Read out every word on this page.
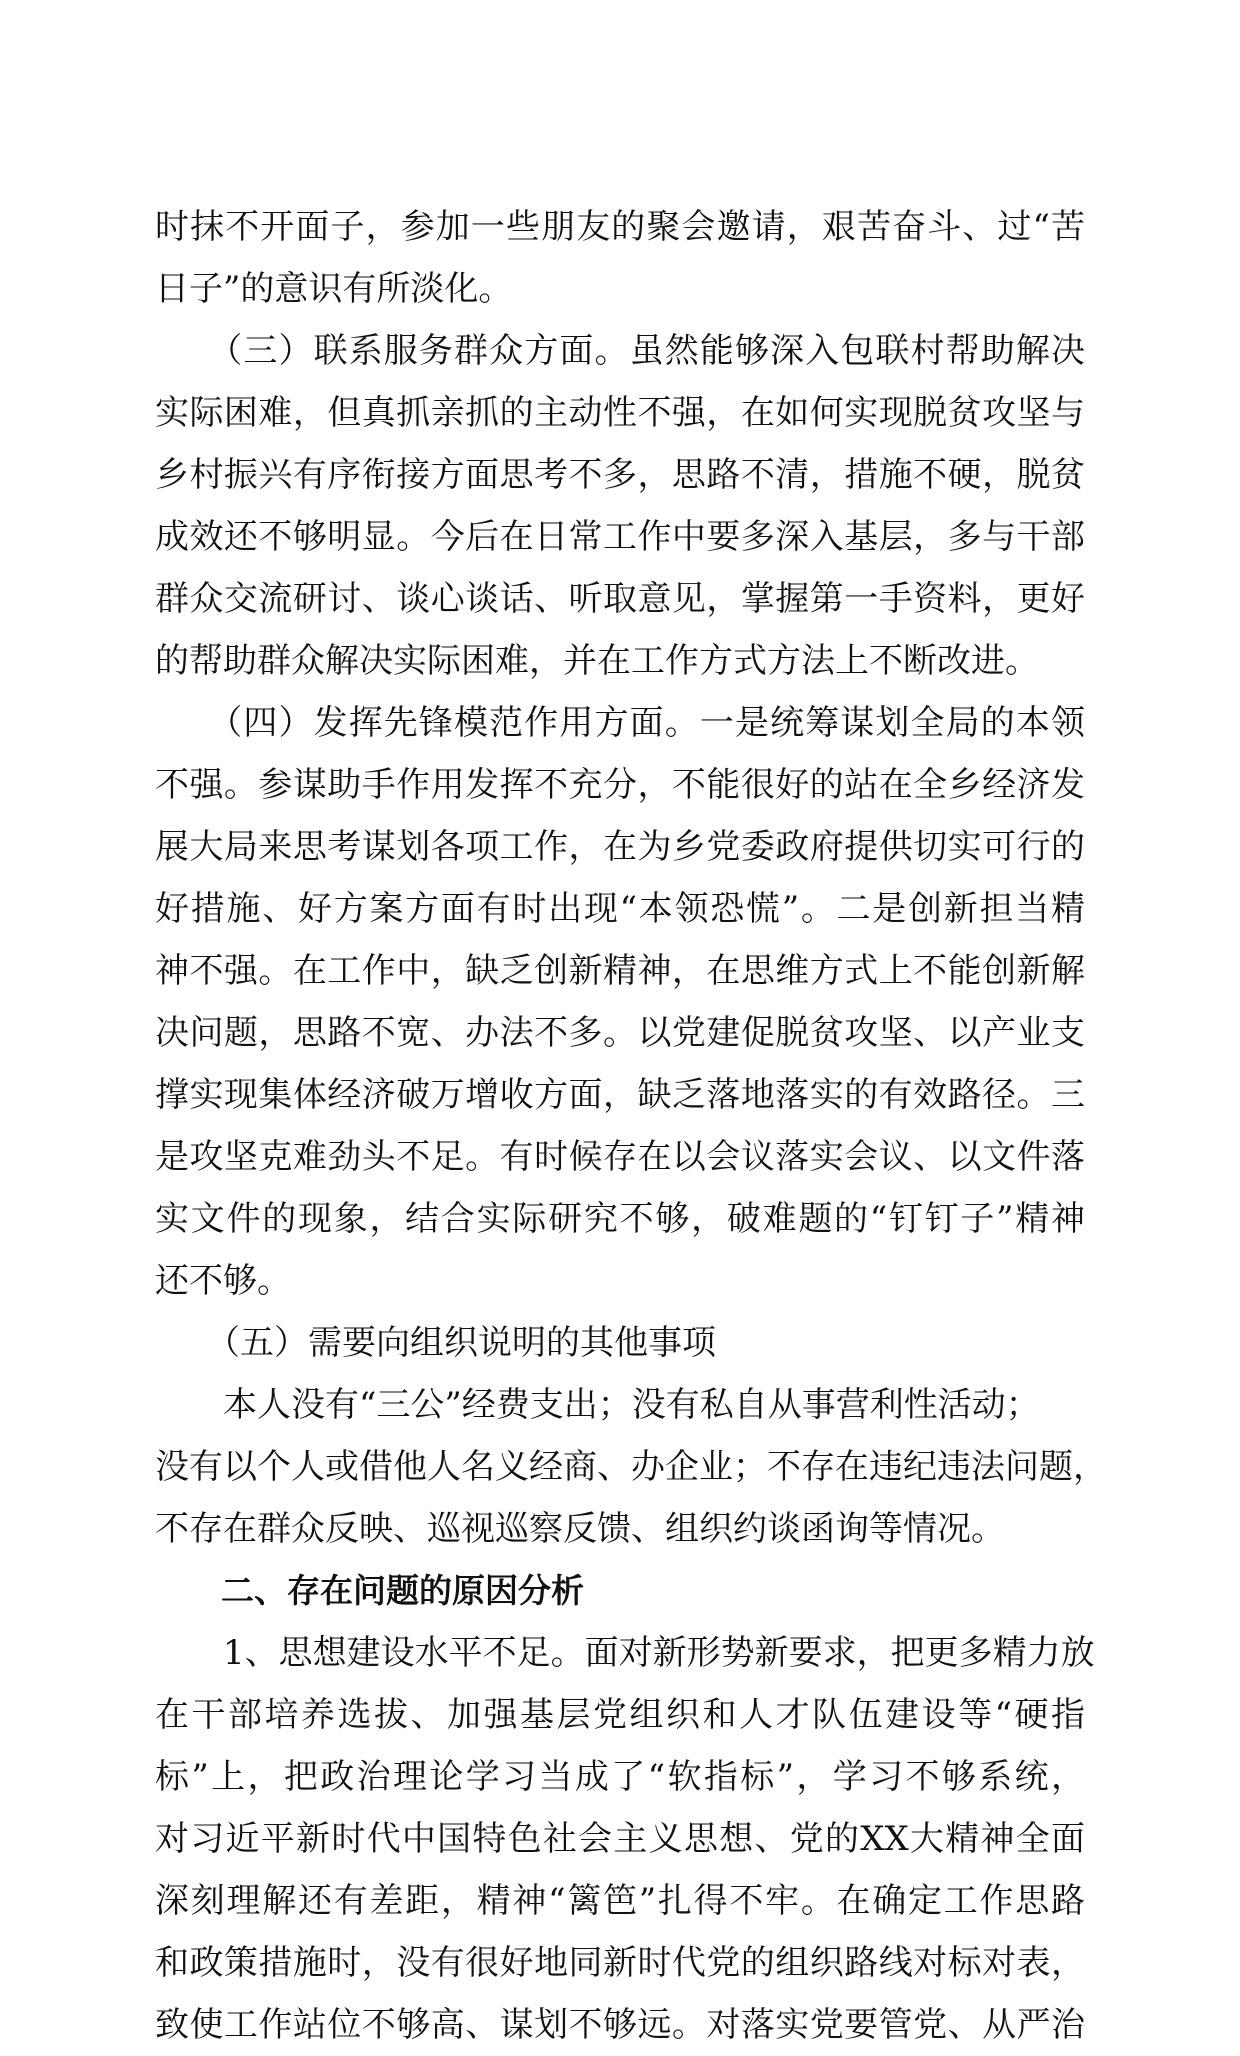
时抹不开面子，参加一些朋友的聚会邀请，艰苦奋斗、过“苦
日子”的意识有所淡化。
　　（三）联系服务群众方面。虽然能够深入包联村帮助解决
实际困难，但真抓亲抓的主动性不强，在如何实现脱贫攻坚与
乡村振兴有序衔接方面思考不多，思路不清，措施不硬，脱贫
成效还不够明显。今后在日常工作中要多深入基层，多与干部
群众交流研讨、谈心谈话、听取意见，掌握第一手资料，更好
的帮助群众解决实际困难，并在工作方式方法上不断改进。
　　（四）发挥先锋模范作用方面。一是统筹谋划全局的本领
不强。参谋助手作用发挥不充分，不能很好的站在全乡经济发
展大局来思考谋划各项工作，在为乡党委政府提供切实可行的
好措施、好方案方面有时出现“本领恐慌”。二是创新担当精
神不强。在工作中，缺乏创新精神，在思维方式上不能创新解
决问题，思路不宽、办法不多。以党建促脱贫攻坚、以产业支
撑实现集体经济破万增收方面，缺乏落地落实的有效路径。三
是攻坚克难劲头不足。有时候存在以会议落实会议、以文件落
实文件的现象，结合实际研究不够，破难题的“钉钉子”精神
还不够。
　　（五）需要向组织说明的其他事项
　　本人没有“三公”经费支出；没有私自从事营利性活动；
没有以个人或借他人名义经商、办企业；不存在违纪违法问题，
不存在群众反映、巡视巡察反馈、组织约谈函询等情况。
　　二、存在问题的原因分析
　　1、思想建设水平不足。面对新形势新要求，把更多精力放
在干部培养选拔、加强基层党组织和人才队伍建设等“硬指
标”上，把政治理论学习当成了“软指标”，学习不够系统，
对习近平新时代中国特色社会主义思想、党的XX大精神全面
深刻理解还有差距，精神“篱笆”扎得不牢。在确定工作思路
和政策措施时，没有很好地同新时代党的组织路线对标对表，
致使工作站位不够高、谋划不够远。对落实党要管党、从严治
